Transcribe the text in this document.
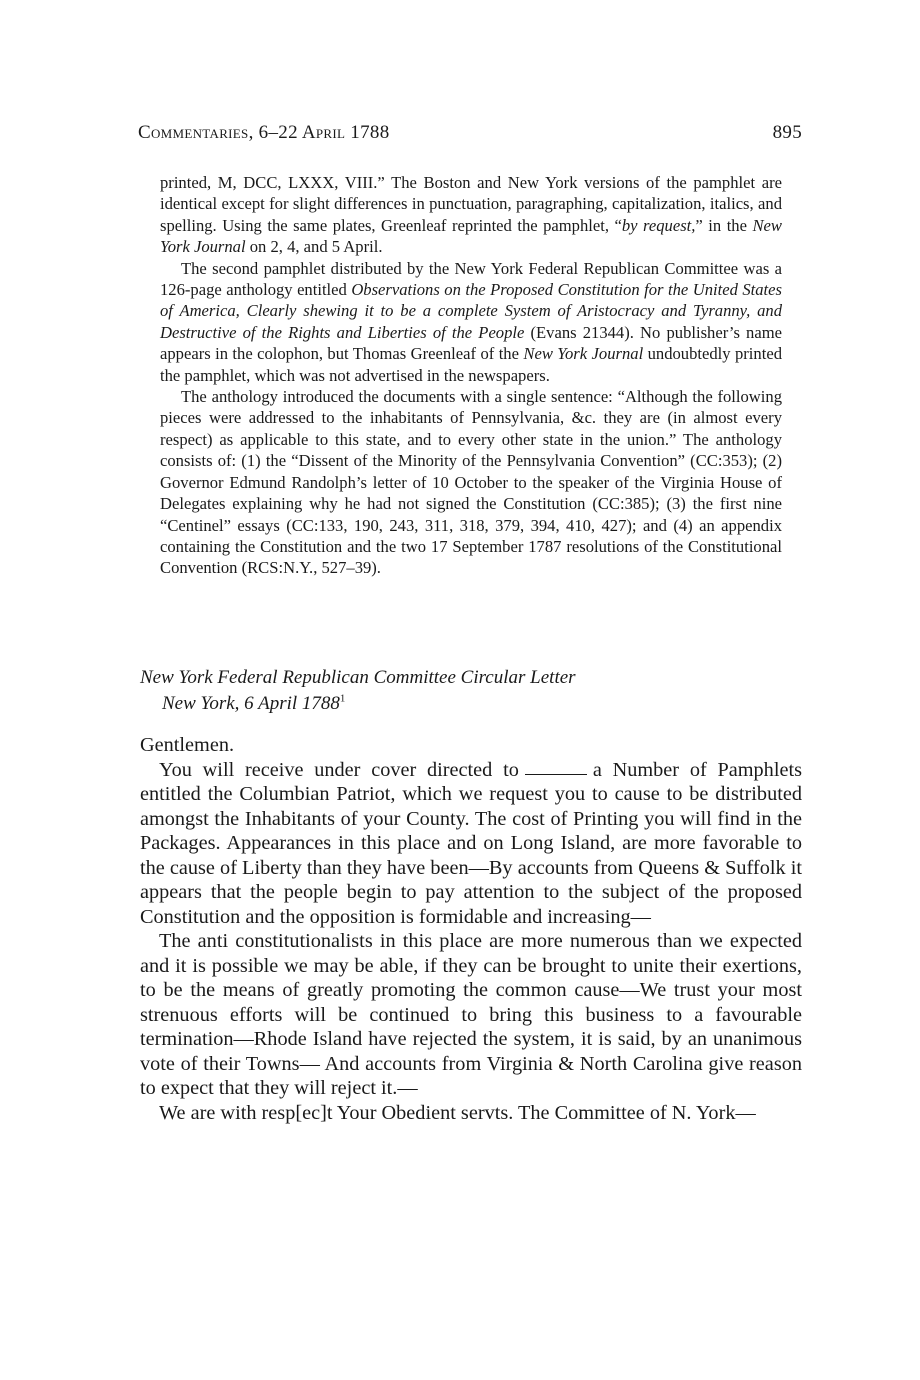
Commentaries, 6–22 April 1788	895

printed, M, DCC, LXXX, VIII.” The Boston and New York versions of the pamphlet are identical except for slight differences in punctuation, paragraphing, capitalization, italics, and spelling. Using the same plates, Greenleaf reprinted the pamphlet, “by request,” in the New York Journal on 2, 4, and 5 April.

The second pamphlet distributed by the New York Federal Republican Committee was a 126-page anthology entitled Observations on the Proposed Constitution for the United States of America, Clearly shewing it to be a complete System of Aristocracy and Tyranny, and Destructive of the Rights and Liberties of the People (Evans 21344). No publisher’s name appears in the colophon, but Thomas Greenleaf of the New York Journal undoubtedly printed the pamphlet, which was not advertised in the newspapers.

The anthology introduced the documents with a single sentence: “Although the following pieces were addressed to the inhabitants of Pennsylvania, &c. they are (in almost every respect) as applicable to this state, and to every other state in the union.” The anthology consists of: (1) the “Dissent of the Minority of the Pennsylvania Convention” (CC:353); (2) Governor Edmund Randolph’s letter of 10 October to the speaker of the Virginia House of Delegates explaining why he had not signed the Constitution (CC:385); (3) the first nine “Centinel” essays (CC:133, 190, 243, 311, 318, 379, 394, 410, 427); and (4) an appendix containing the Constitution and the two 17 September 1787 resolutions of the Constitutional Convention (RCS:N.Y., 527–39).

New York Federal Republican Committee Circular Letter
New York, 6 April 1788$^1$

Gentlemen.

You will receive under cover directed to	a Number of Pamphlets entitled the Columbian Patriot, which we request you to cause to be distributed amongst the Inhabitants of your County. The cost of Printing you will find in the Packages. Appearances in this place and on Long Island, are more favorable to the cause of Liberty than they have been—By accounts from Queens & Suffolk it appears that the people begin to pay attention to the subject of the proposed Constitution and the opposition is formidable and increasing—

The anti constitutionalists in this place are more numerous than we expected and it is possible we may be able, if they can be brought to unite their exertions, to be the means of greatly promoting the common cause—We trust your most strenuous efforts will be continued to bring this business to a favourable termination—Rhode Island have rejected the system, it is said, by an unanimous vote of their Towns— And accounts from Virginia & North Carolina give reason to expect that they will reject it.—

We are with resp[ec]t Your Obedient servts. The Committee of N. York—
